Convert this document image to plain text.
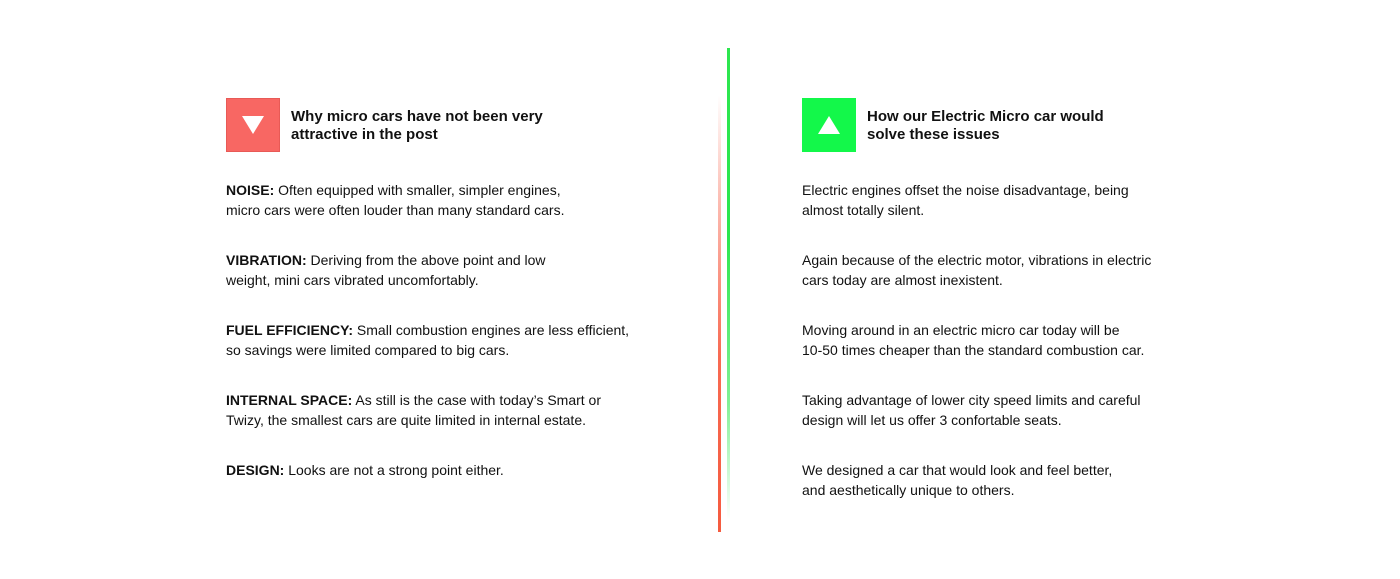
Why micro cars have not been very
attractive in the post
NOISE: Often equipped with smaller, simpler engines,
micro cars were often louder than many standard cars.
VIBRATION: Deriving from the above point and low
weight, mini cars vibrated uncomfortably.
FUEL EFFICIENCY: Small combustion engines are less efficient,
so savings were limited compared to big cars.
INTERNAL SPACE: As still is the case with today’s Smart or
Twizy, the smallest cars are quite limited in internal estate.
DESIGN: Looks are not a strong point either.
How our Electric Micro car would
solve these issues
Electric engines offset the noise disadvantage, being
almost totally silent.
Again because of the electric motor, vibrations in electric
cars today are almost inexistent.
Moving around in an electric micro car today will be
10-50 times cheaper than the standard combustion car.
Taking advantage of lower city speed limits and careful
design will let us offer 3 confortable seats.
We designed a car that would look and feel better,
and aesthetically unique to others.
